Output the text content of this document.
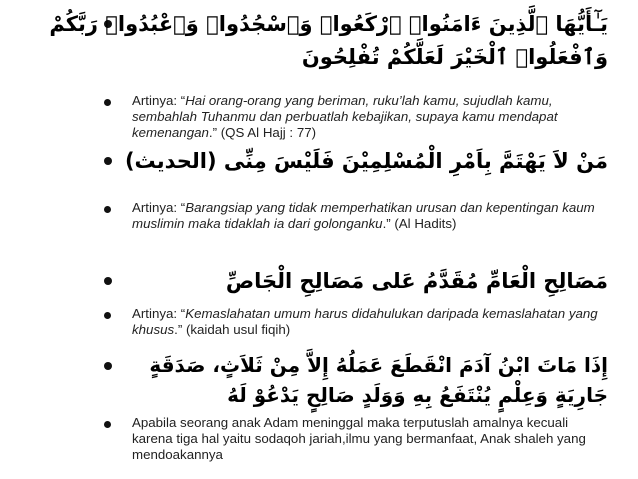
يَـٰٓأَيُّهَا ٱلَّذِينَ ءَامَنُوا۟ ٱرْكَعُوا۟ وَٱسْجُدُوا۟ وَٱعْبُدُوا۟ رَبَّكُمْ
وَٱفْعَلُوا۟ ٱلْخَيْرَ لَعَلَّكُمْ تُفْلِحُونَ
Artinya: “Hai orang-orang yang beriman, ruku’lah kamu, sujudlah kamu, sembahlah Tuhanmu dan perbuatlah kebajikan, supaya kamu mendapat kemenangan.” (QS Al Hajj : 77)
مَنْ لاَ يَهْتَمَّ بِاَمْرِ الْمُسْلِمِيْنَ فَلَيْسَ مِنِّى (الحديث)
Artinya: “Barangsiap yang tidak memperhatikan urusan dan kepentingan kaum muslimin maka tidaklah ia dari golonganku.” (Al Hadits)
مَصَالِحِ الْعَامِّ مُقَدَّمُ عَلى مَصَالِحِ الْجَاصِّ
Artinya: “Kemaslahatan umum harus didahulukan daripada kemaslahatan yang khusus.” (kaidah usul fiqih)
إِذَا مَاتَ ابْنُ آدَمَ انْقَطَعَ عَمَلُهُ إِلاَّ مِنْ ثَلاَثٍ، صَدَقَةٍ
جَارِيَةٍ وَعِلْمٍ يُنْتَفَعُ بِهِ وَوَلَدٍ صَالِحٍ يَدْعُوْ لَهُ
Apabila seorang anak Adam meninggal maka terputuslah amalnya kecuali karena tiga hal yaitu sodaqoh jariah,ilmu yang bermanfaat, Anak shaleh yang mendoakannya
